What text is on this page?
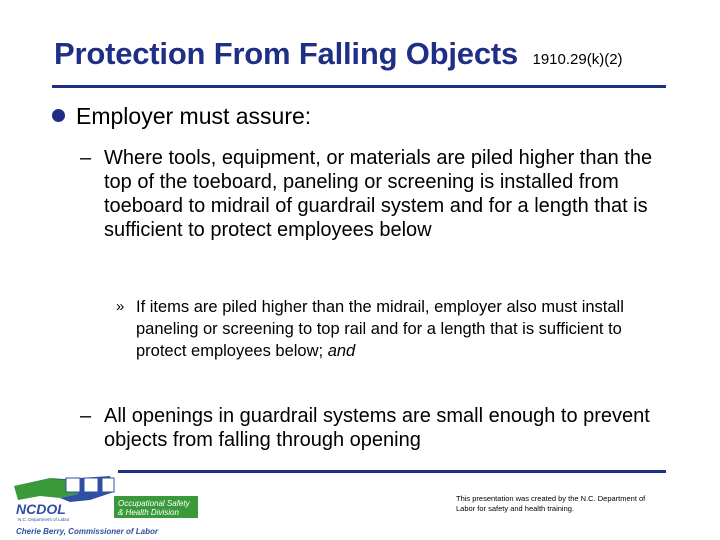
Protection From Falling Objects 1910.29(k)(2)
Employer must assure:
– Where tools, equipment, or materials are piled higher than the top of the toeboard, paneling or screening is installed from toeboard to midrail of guardrail system and for a length that is sufficient to protect employees below
» If items are piled higher than the midrail, employer also must install paneling or screening to top rail and for a length that is sufficient to protect employees below; and
– All openings in guardrail systems are small enough to prevent objects from falling through opening
NCDOL
N.C. Department of Labor
Occupational Safety
& Health Division
Cherie Berry, Commissioner of Labor
This presentation was created by the N.C. Department of Labor for safety and health training.
